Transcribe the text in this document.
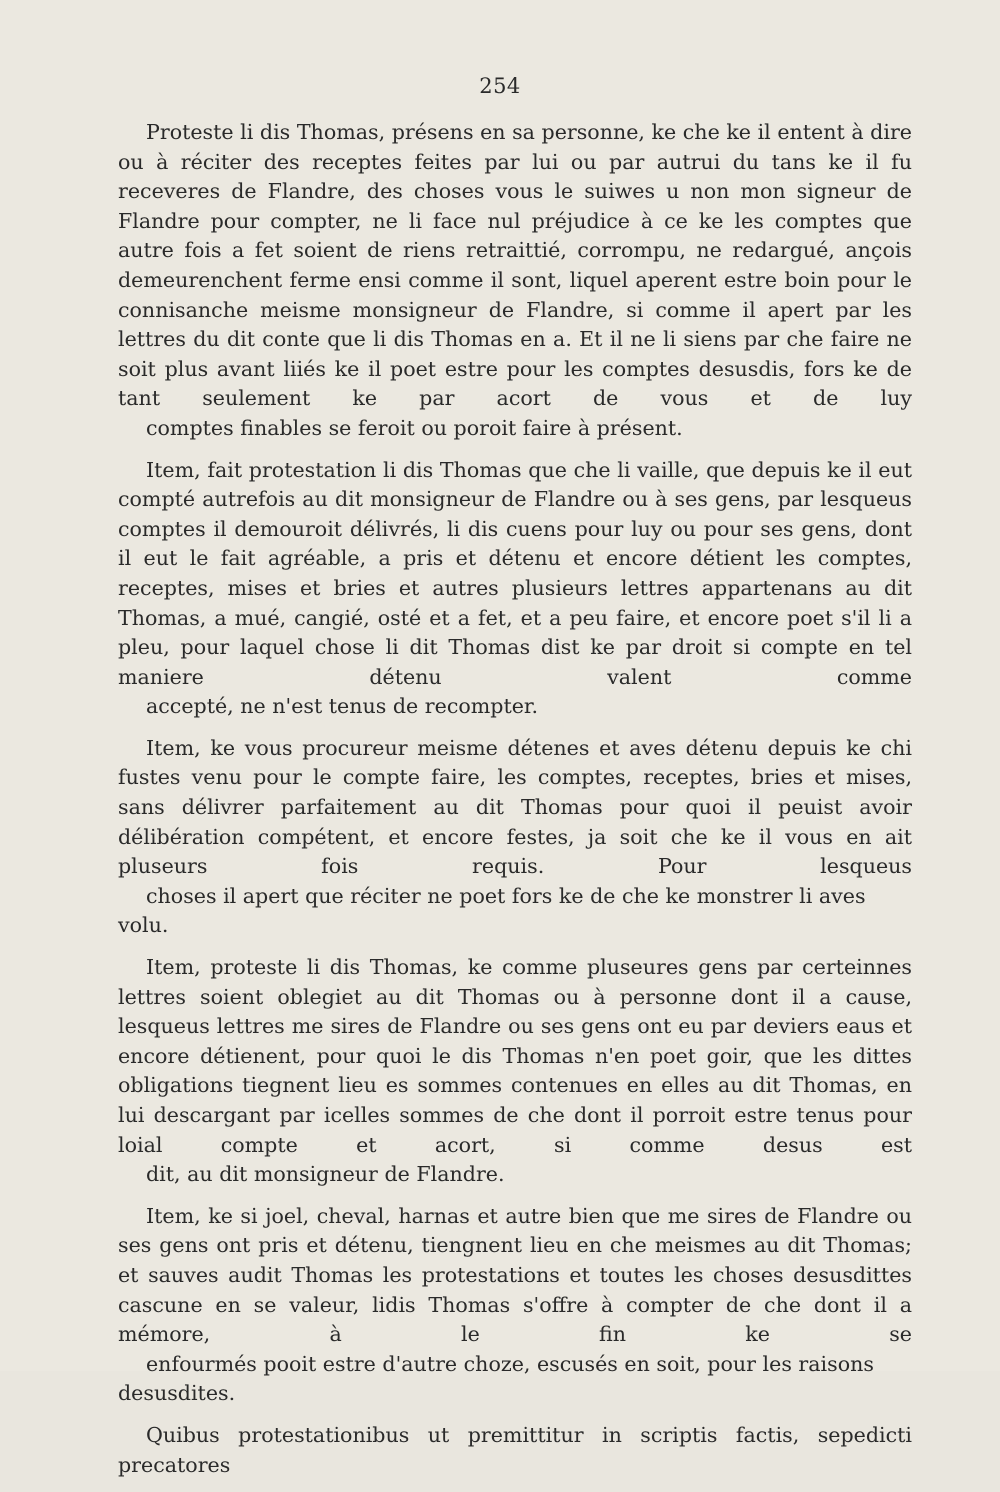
254

Proteste li dis Thomas, présens en sa personne, ke che ke il entent à dire ou à réciter des receptes feites par lui ou par autrui du tans ke il fu receveres de Flandre, des choses vous le suiwes u non mon signeur de Flandre pour compter, ne li face nul préjudice à ce ke les comptes que autre fois a fet soient de riens retraittié, corrompu, ne redargué, ançois demeurenchent ferme ensi comme il sont, liquel aperent estre boin pour le connisanche meisme monsigneur de Flandre, si comme il apert par les lettres du dit conte que li dis Thomas en a. Et il ne li siens par che faire ne soit plus avant liiés ke il poet estre pour les comptes desusdis, fors ke de tant seulement ke par acort de vous et de luy
comptes finables se feroit ou poroit faire à présent.

Item, fait protestation li dis Thomas que che li vaille, que depuis ke il eut compté autrefois au dit monsigneur de Flandre ou à ses gens, par lesqueus comptes il demouroit délivrés, li dis cuens pour luy ou pour ses gens, dont il eut le fait agréable, a pris et détenu et encore détient les comptes, receptes, mises et bries et autres plusieurs lettres appartenans au dit Thomas, a mué, cangié, osté et a fet, et a peu faire, et encore poet s'il li a pleu, pour laquel chose li dit Thomas dist ke par droit si compte en tel maniere détenu valent comme
accepté, ne n'est tenus de recompter.

Item, ke vous procureur meisme détenes et aves détenu depuis ke chi fustes venu pour le compte faire, les comptes, receptes, bries et mises, sans délivrer parfaitement au dit Thomas pour quoi il peuist avoir délibération compétent, et encore festes, ja soit che ke il vous en ait pluseurs fois requis. Pour lesqueus
choses il apert que réciter ne poet fors ke de che ke monstrer li aves volu.

Item, proteste li dis Thomas, ke comme pluseures gens par certeinnes lettres soient oblegiet au dit Thomas ou à personne dont il a cause, lesqueus lettres me sires de Flandre ou ses gens ont eu par deviers eaus et encore détienent, pour quoi le dis Thomas n'en poet goir, que les dittes obligations tiegnent lieu es sommes contenues en elles au dit Thomas, en lui descargant par icelles sommes de che dont il porroit estre tenus pour loial compte et acort, si comme desus est
dit, au dit monsigneur de Flandre.

Item, ke si joel, cheval, harnas et autre bien que me sires de Flandre ou ses gens ont pris et détenu, tiengnent lieu en che meismes au dit Thomas; et sauves audit Thomas les protestations et toutes les choses desusdittes cascune en se valeur, lidis Thomas s'offre à compter de che dont il a mémore, à le fin ke se
enfourmés pooit estre d'autre choze, escusés en soit, pour les raisons desusdites.

Quibus protestationibus ut premittitur in scriptis factis, sepedicti precatores
